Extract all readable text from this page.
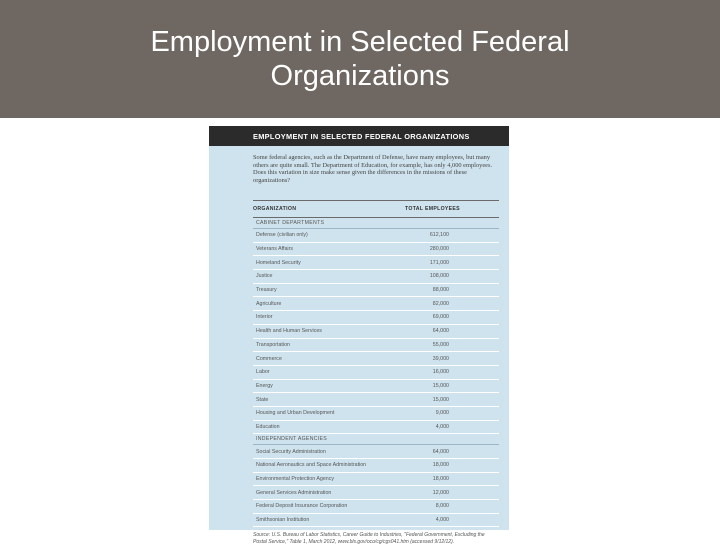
Employment in Selected Federal Organizations
EMPLOYMENT IN SELECTED FEDERAL ORGANIZATIONS
Some federal agencies, such as the Department of Defense, have many employees, but many others are quite small. The Department of Education, for example, has only 4,000 employees. Does this variation in size make sense given the differences in the missions of these organizations?
ORGANIZATION	TOTAL EMPLOYEES
CABINET DEPARTMENTS
Defense (civilian only)	612,100
Veterans Affairs	280,000
Homeland Security	171,000
Justice	108,000
Treasury	88,000
Agriculture	82,000
Interior	69,000
Health and Human Services	64,000
Transportation	55,000
Commerce	39,000
Labor	16,000
Energy	15,000
State	15,000
Housing and Urban Development	9,000
Education	4,000
INDEPENDENT AGENCIES
Social Security Administration	64,000
National Aeronautics and Space Administration	18,000
Environmental Protection Agency	18,000
General Services Administration	12,000
Federal Deposit Insurance Corporation	8,000
Smithsonian Institution	4,000
Source: U.S. Bureau of Labor Statistics, Career Guide to Industries, "Federal Government, Excluding the Postal Service," Table 1, March 2012, www.bls.gov/oco/cg/cgs041.htm (accessed 9/12/12).
